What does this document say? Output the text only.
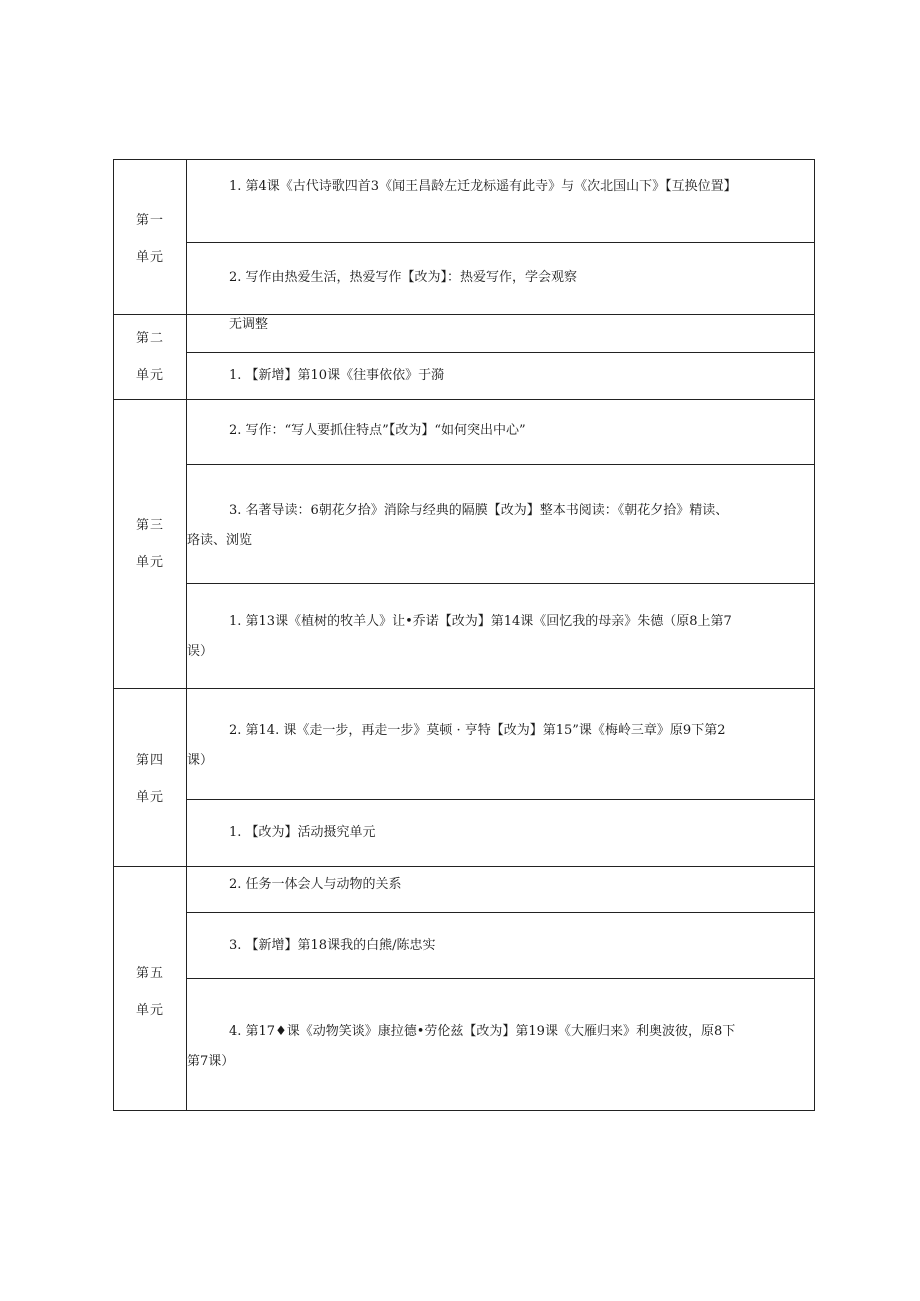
第一
单元
1. 第4课《古代诗歌四首3《闻王昌龄左迁龙标遥有此寺》与《次北国山下》【互换位置】
2. 写作由热爱生活，热爱写作【改为】：热爱写作，学会观察
第二
单元
无调整
1. 【新增】第10课《往事依依》于漪
第三
单元
2. 写作：“写人要抓住特点”【改为】“如何突出中心”
3. 名著导读：6朝花夕拾》消除与经典的隔膜【改为】整本书阅读：《朝花夕拾》精读、
珞读、浏览
1. 第13课《植树的牧羊人》让•乔诺【改为】第14课《回忆我的母亲》朱德（原8上第7
误）
第四
单元
2. 第14. 课《走一步，再走一步》莫顿 · 亨特【改为】第15”课《梅岭三章》原9下第2
课）
1. 【改为】活动摄究单元
第五
单元
2. 任务一体会人与动物的关系
3. 【新增】第18课我的白熊/陈忠实
4. 第17♦课《动物笑谈》康拉德•劳伦兹【改为】第19课《大雁归来》利奥波彼，原8下
第7课）
